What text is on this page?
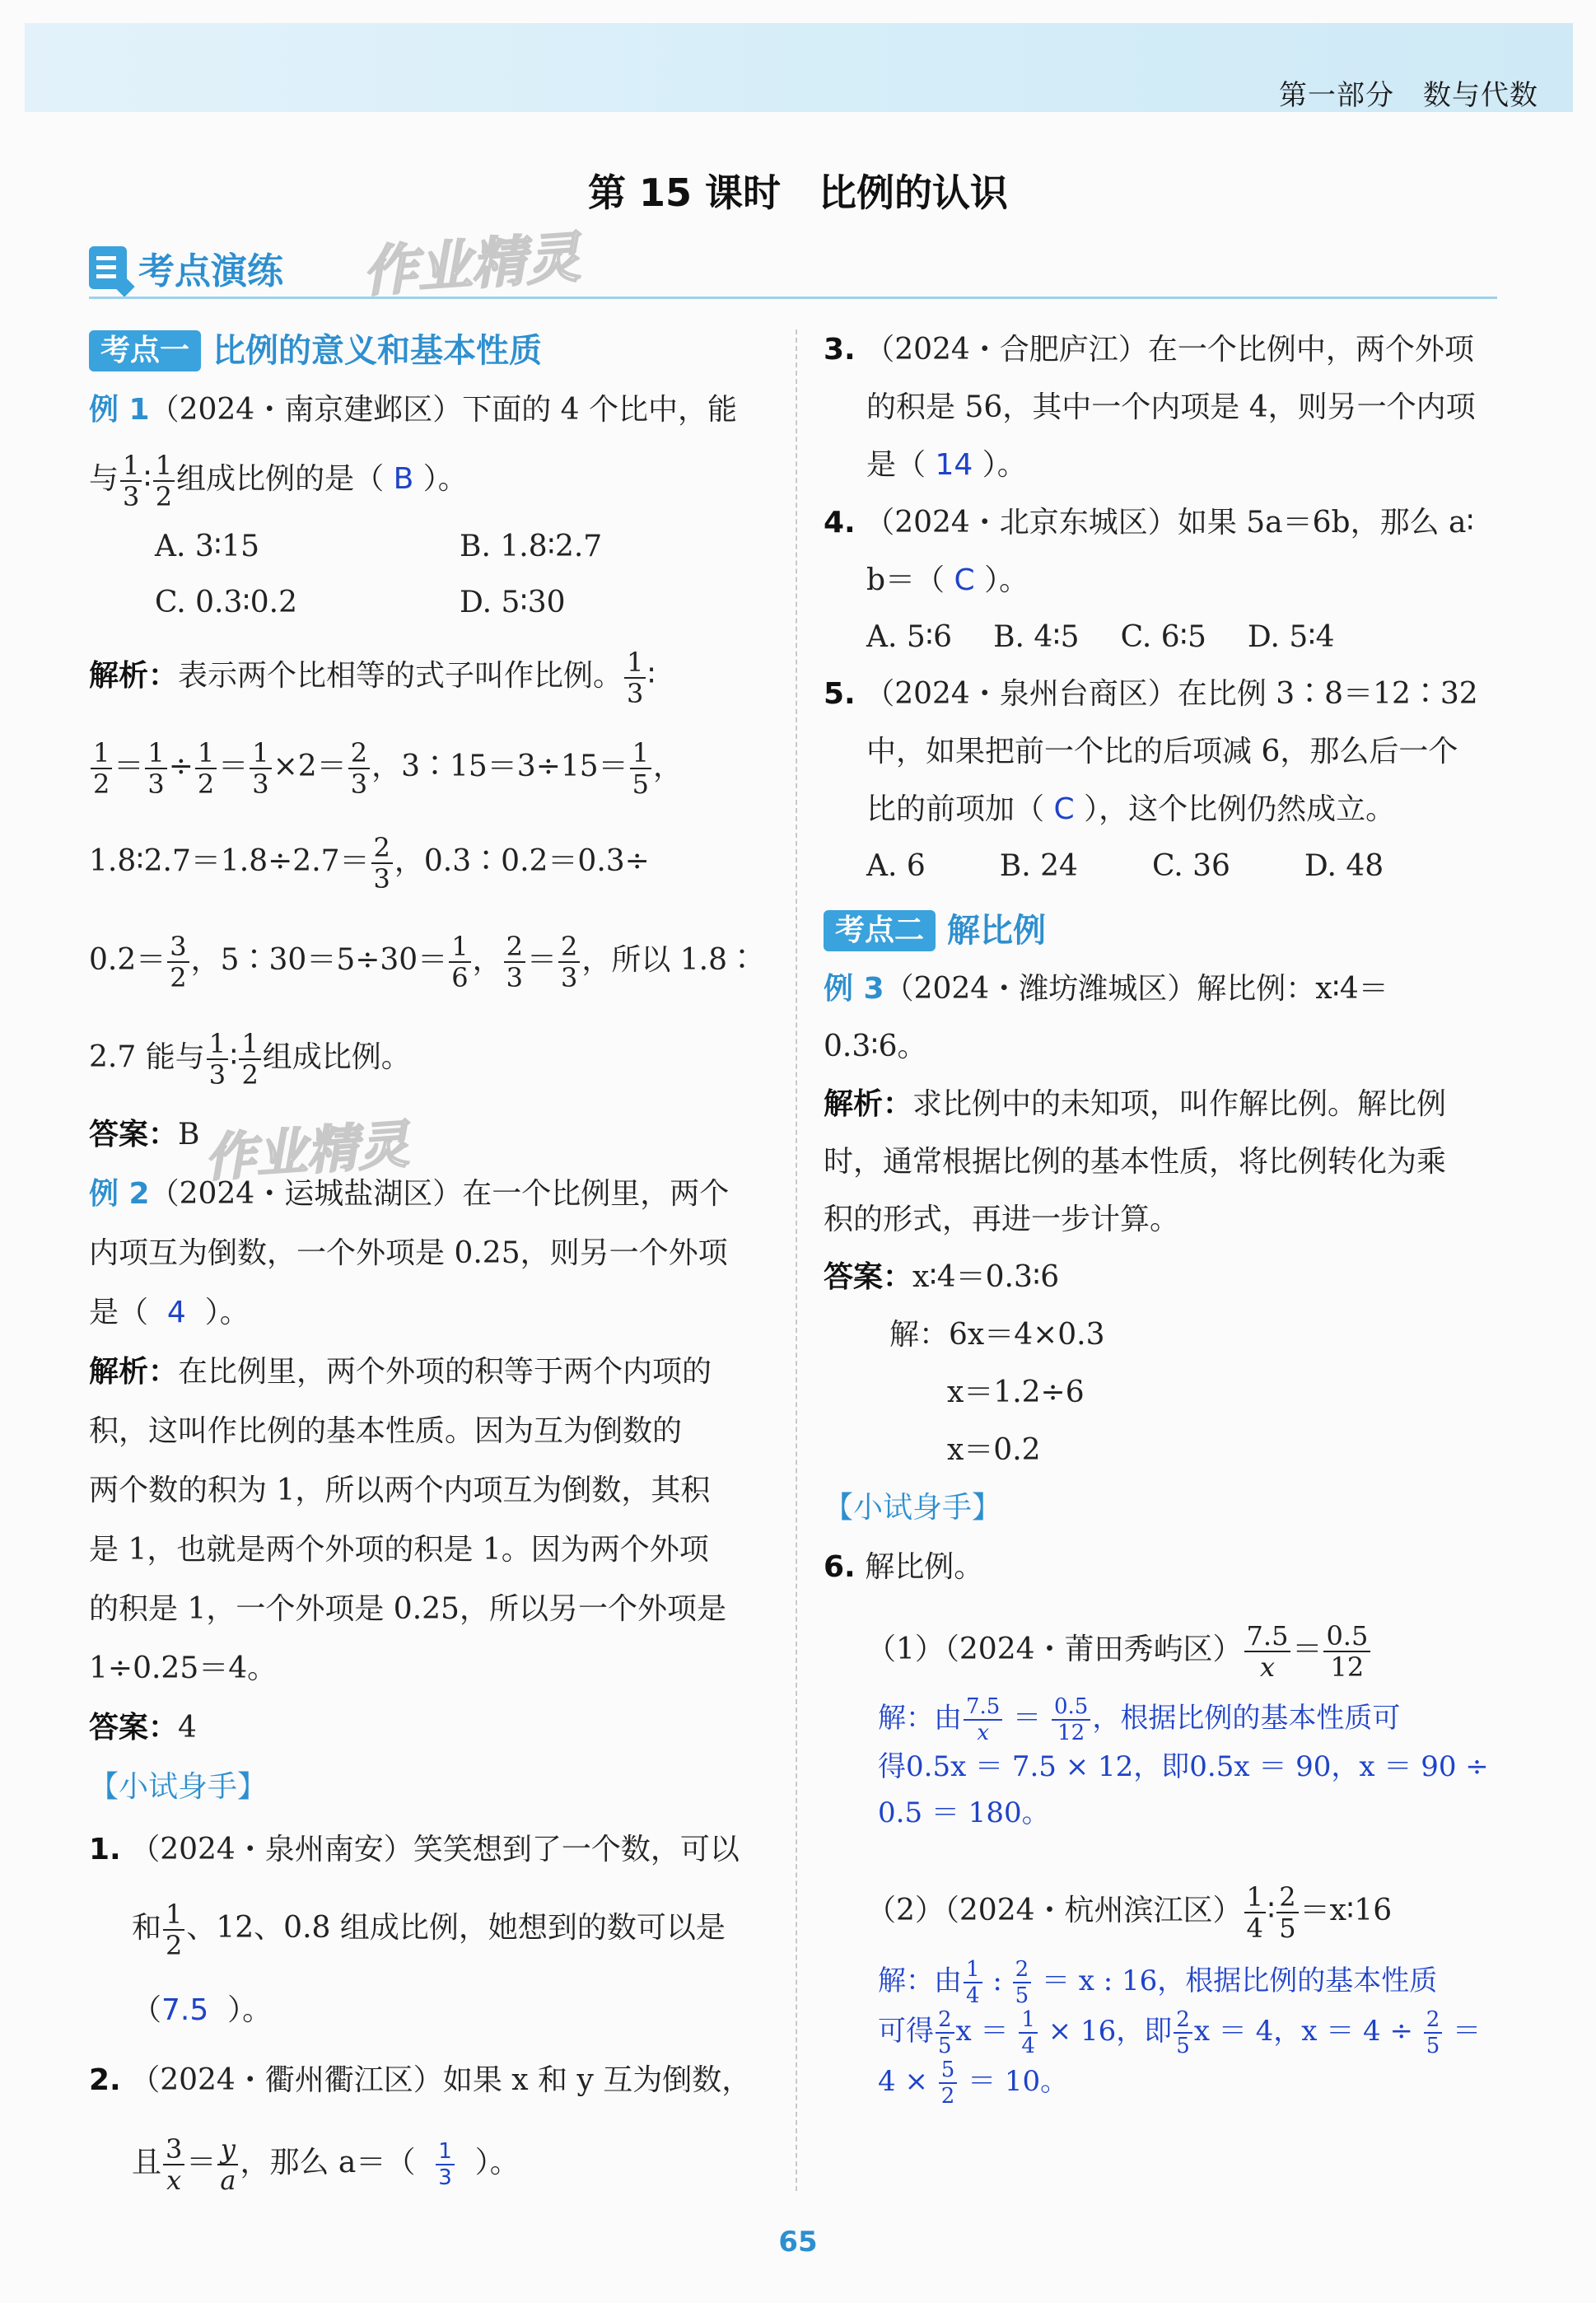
第一部分　 数与代数
第 15 课时　比例的认识
考点演练 作业精灵
作业精灵
考点一 比例的意义和基本性质

例 1（2024・南京建邺区）下面的 4 个比中，能

与 $\frac{1}{3}$ ∶ $\frac{1}{2}$ 组成比例的是（ B ）。

A. 3∶15	B. 1.8∶2.7
C. 0.3∶0.2	D. 5∶30

解析：表示两个比相等的式子叫作比例。 $\frac{1}{3}$ ∶

$\frac{1}{2} = \frac{1}{3} \div \frac{1}{2} = \frac{1}{3} \times 2= \frac{2}{3}$ ，3∶15＝3÷15＝ $\frac{1}{5}$ ，

1.8∶2.7＝1.8÷2.7＝ $\frac{2}{3}$ ，0.3∶0.2＝0.3÷

$0.2= \frac{3}{2}$ ，5∶30＝5÷30＝ $\frac{1}{6}$ ， $\frac{2}{3} = \frac{2}{3}$ ，所以 1.8∶

2.7 能与 $\frac{1}{3}$ ∶ $\frac{1}{2}$ 组成比例。

答案：B

例 2（2024・运城盐湖区）在一个比例里，两个

内项互为倒数，一个外项是 0.25，则另一个外项

是（ 4 ）。

解析：在比例里，两个外项的积等于两个内项的

积，这叫作比例的基本性质。因为互为倒数的

两个数的积为 1，所以两个内项互为倒数，其积

是 1，也就是两个外项的积是 1。因为两个外项

的积是 1，一个外项是 0.25，所以另一个外项是

1÷0.25＝4。

答案：4

【小试身手】

1. （2024・泉州南安）笑笑想到了一个数，可以

和 $\frac{1}{2}$ 、12、0.8 组成比例，她想到的数可以是

（7.5 ）。

2. （2024・衢州衢江区）如果 x 和 y 互为倒数，

且 $\frac{3}{x} = \frac{y}{a}$ ，那么 $a=( \frac{1}{3}$ ）。

3. （2024・合肥庐江）在一个比例中，两个外项

的积是 56，其中一个内项是 4，则另一个内项

是（ 14 ）。

4. （2024・北京东城区）如果 5a＝6b，那么 a∶

b＝（ C ）。

A. 5∶6 B. 4∶5 C. 6∶5 D. 5∶4

5. （2024・泉州台商区）在比例 3∶8＝12∶32

中，如果把前一个比的后项减 6，那么后一个

比的前项加（ C ），这个比例仍然成立。

A. 6	B. 24	C. 36	D. 48
考点二 解比例

例 3（2024・潍坊潍城区）解比例：x∶4＝

0.3∶6。

解析：求比例中的未知项，叫作解比例。解比例

时，通常根据比例的基本性质，将比例转化为乘

积的形式，再进一步计算。

答案：x∶4＝0.3∶6

解：6x＝4×0.3

x＝1.2÷6

x＝0.2

【小试身手】

6. 解比例。

（1）（2024・莆田秀屿区） $\frac{7.5}{x} = \frac{0.5}{12}$

解：由 $\frac{7.5}{x} = \frac{0.5}{12}$ ，根据比例的基本性质可

得0.5x ＝ 7.5 × 12，即0.5x ＝ 90，x ＝ 90 ÷

0.5 ＝ 180。

（2）（2024・杭州滨江区） $\frac{1}{4}$ ∶ $\frac{2}{5}$ ＝x∶16

解：由 $\frac{1}{4}$ : $\frac{2}{5} = x$ : 16，根据比例的基本性质

可得 $\frac{2}{5}$ $x = \frac{1}{4} \times 16$，即 $\frac{2}{5}$ x ＝ 4，$x = 4 \div \frac{2}{5}$ ＝

$4 \times \frac{5}{2} = 10$。

65
